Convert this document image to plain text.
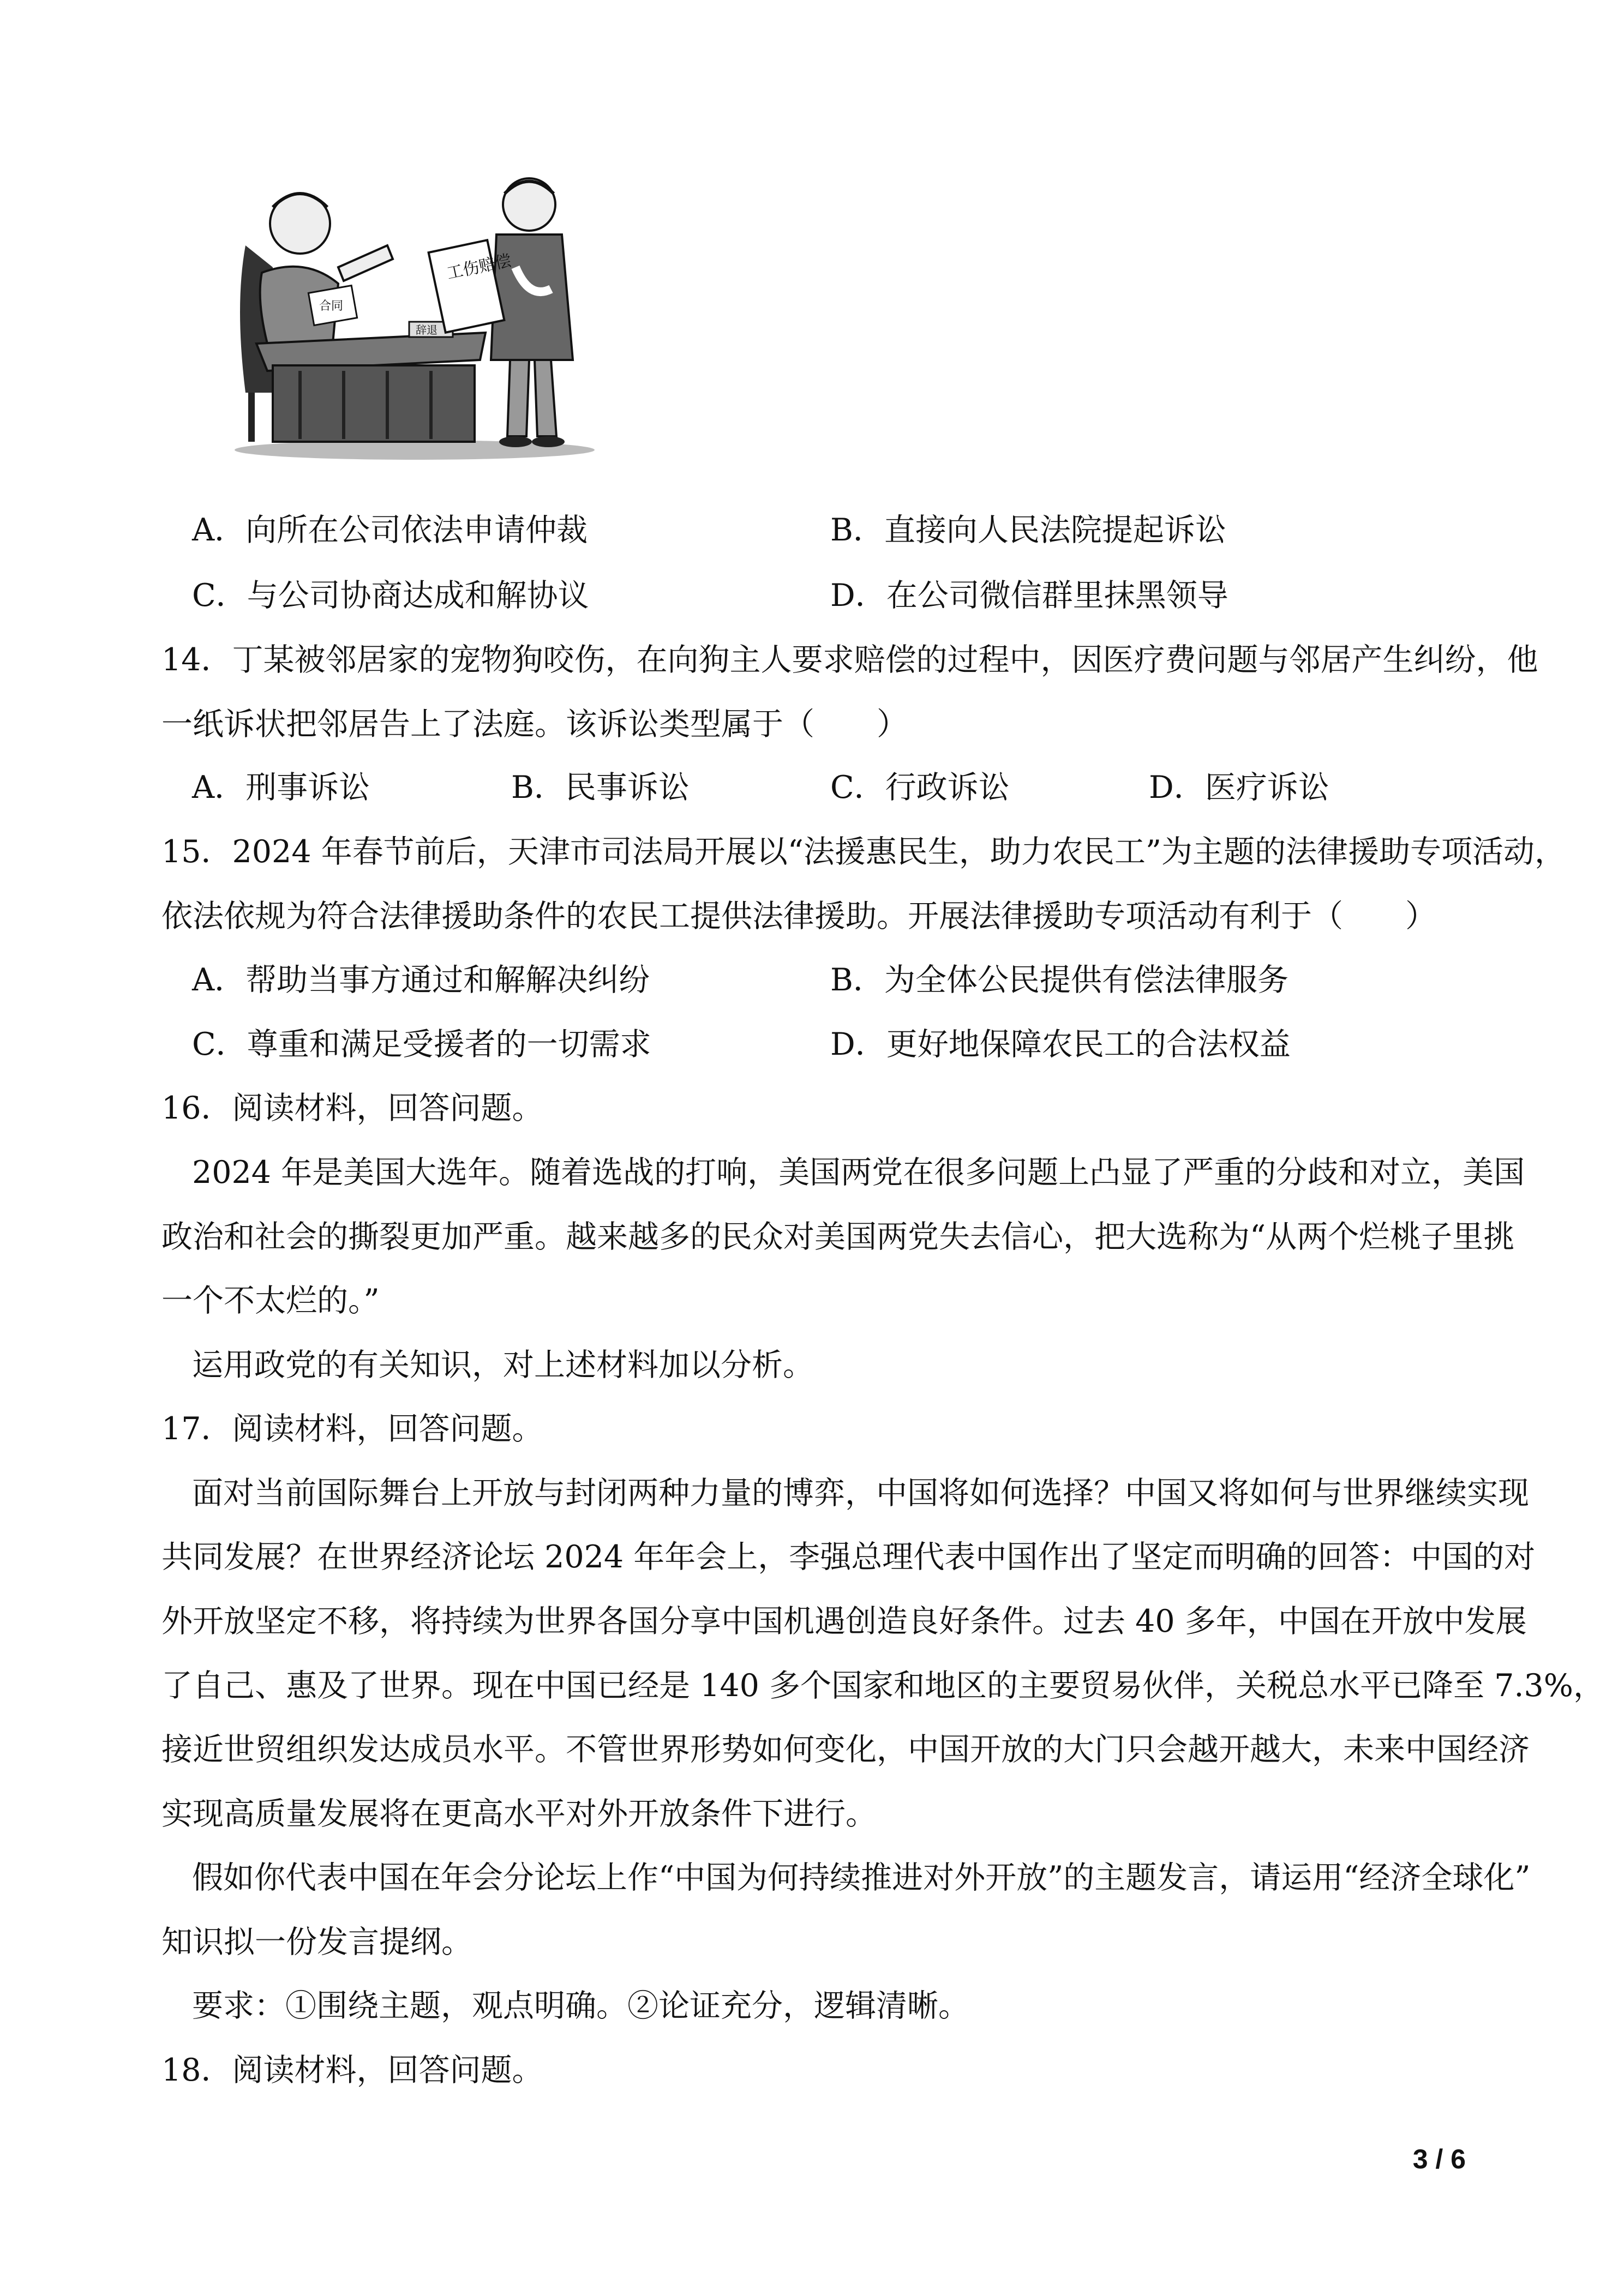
合同
辞退
工伤赔偿
A．向所在公司依法申请仲裁	B．直接向人民法院提起诉讼
C．与公司协商达成和解协议	D．在公司微信群里抹黑领导
14．丁某被邻居家的宠物狗咬伤，在向狗主人要求赔偿的过程中，因医疗费问题与邻居产生纠纷，他
一纸诉状把邻居告上了法庭。该诉讼类型属于（　　）
A．刑事诉讼	B．民事诉讼	C．行政诉讼	D．医疗诉讼
15．2024 年春节前后，天津市司法局开展以“法援惠民生，助力农民工”为主题的法律援助专项活动，
依法依规为符合法律援助条件的农民工提供法律援助。开展法律援助专项活动有利于（　　）
A．帮助当事方通过和解解决纠纷	B．为全体公民提供有偿法律服务
C．尊重和满足受援者的一切需求	D．更好地保障农民工的合法权益
16．阅读材料，回答问题。
2024 年是美国大选年。随着选战的打响，美国两党在很多问题上凸显了严重的分歧和对立，美国
政治和社会的撕裂更加严重。越来越多的民众对美国两党失去信心，把大选称为“从两个烂桃子里挑
一个不太烂的。”
运用政党的有关知识，对上述材料加以分析。
17．阅读材料，回答问题。
面对当前国际舞台上开放与封闭两种力量的博弈，中国将如何选择？中国又将如何与世界继续实现
共同发展？在世界经济论坛 2024 年年会上，李强总理代表中国作出了坚定而明确的回答：中国的对
外开放坚定不移，将持续为世界各国分享中国机遇创造良好条件。过去 40 多年，中国在开放中发展
了自己、惠及了世界。现在中国已经是 140 多个国家和地区的主要贸易伙伴，关税总水平已降至 7.3%，
接近世贸组织发达成员水平。不管世界形势如何变化，中国开放的大门只会越开越大，未来中国经济
实现高质量发展将在更高水平对外开放条件下进行。
假如你代表中国在年会分论坛上作“中国为何持续推进对外开放”的主题发言，请运用“经济全球化”
知识拟一份发言提纲。
要求：①围绕主题，观点明确。②论证充分，逻辑清晰。
18．阅读材料，回答问题。
3 / 6
